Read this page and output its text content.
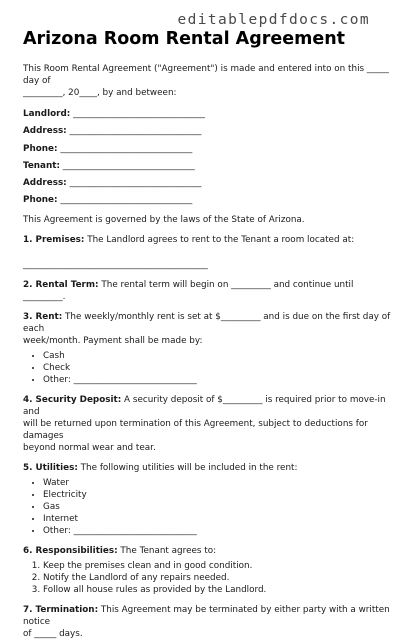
editablepdfdocs.com
Arizona Room Rental Agreement

This Room Rental Agreement ("Agreement") is made and entered into on this _____ day of
_________, 20____, by and between:

Landlord: ______________________________
Address: ______________________________
Phone: ______________________________
Tenant: ______________________________
Address: ______________________________
Phone: ______________________________

This Agreement is governed by the laws of the State of Arizona.

1. Premises: The Landlord agrees to rent to the Tenant a room located at:

__________________________________________

2. Rental Term: The rental term will begin on _________ and continue until _________.

3. Rent: The weekly/monthly rent is set at $_________ and is due on the first day of each
week/month. Payment shall be made by:

• Cash
• Check
• Other: ____________________________

4. Security Deposit: A security deposit of $_________ is required prior to move-in and
will be returned upon termination of this Agreement, subject to deductions for damages
beyond normal wear and tear.

5. Utilities: The following utilities will be included in the rent:

• Water
• Electricity
• Gas
• Internet
• Other: ____________________________

6. Responsibilities: The Tenant agrees to:

1. Keep the premises clean and in good condition.
2. Notify the Landlord of any repairs needed.
3. Follow all house rules as provided by the Landlord.

7. Termination: This Agreement may be terminated by either party with a written notice
of _____ days.
